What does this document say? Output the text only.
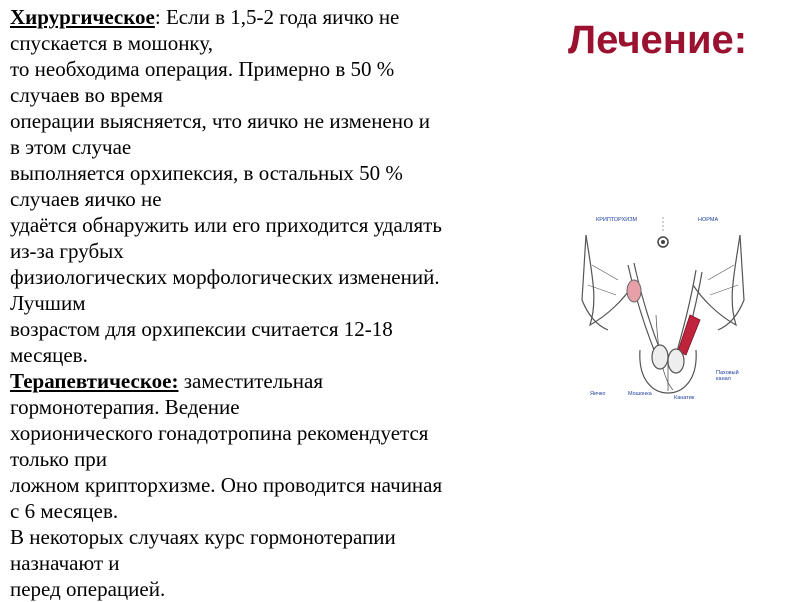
Лечение:
Хирургическое: Если в 1,5-2 года яичко не
спускается в мошонку,
то необходима операция. Примерно в 50 %
случаев во время
операции выясняется, что яичко не изменено и
в этом случае
выполняется орхипексия, в остальных 50 %
случаев яичко не
удаётся обнаружить или его приходится удалять
из-за грубых
физиологических морфологических изменений.
Лучшим
возрастом для орхипексии считается 12-18
месяцев.
Терапевтическое: заместительная
гормонотерапия. Ведение
хорионического гонадотропина рекомендуется
только при
ложном крипторхизме. Оно проводится начиная
с 6 месяцев.
В некоторых случаях курс гормонотерапии
назначают и
перед операцией.
КРИПТОРХИЗМ	НОРМА
Яичко	Мошонка
Канатик
Паховый канал
